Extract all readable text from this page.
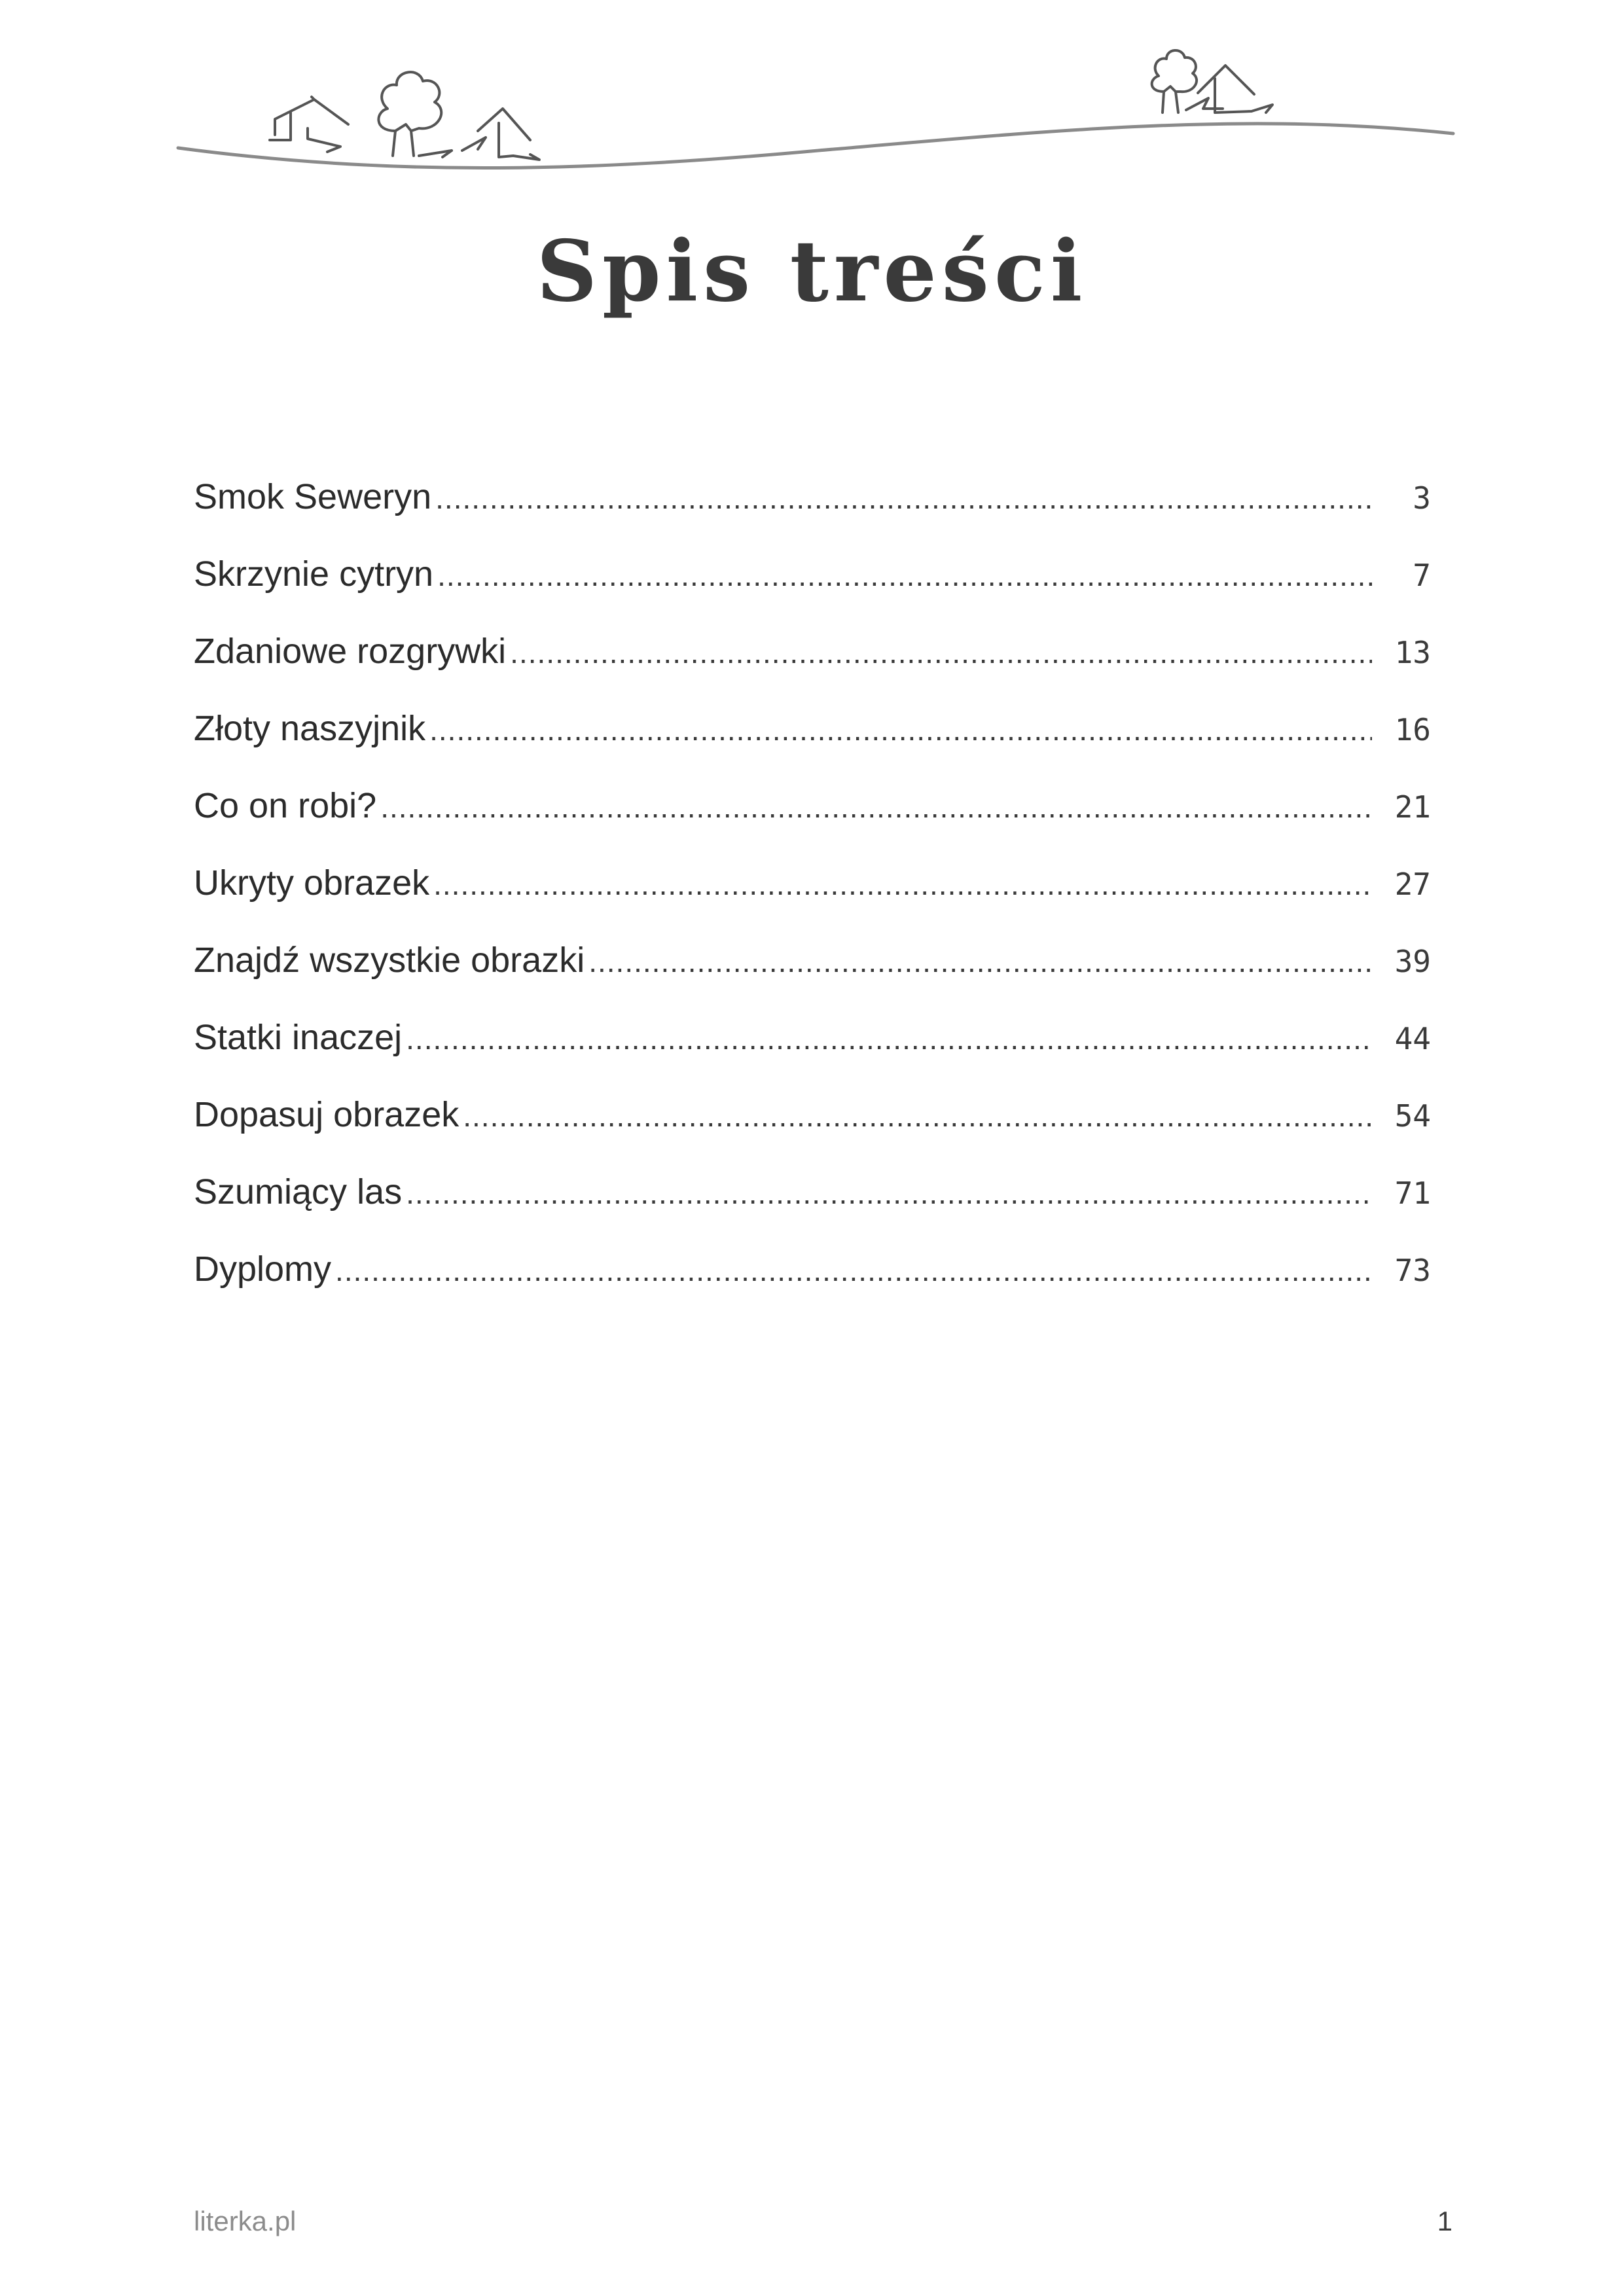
Spis treści
Smok Seweryn .....	3
Skrzynie cytryn .....	7
Zdaniowe rozgrywki .....	13
Złoty naszyjnik .....	16
Co on robi? .....	21
Ukryty obrazek .....	27
Znajdź wszystkie obrazki .....	39
Statki inaczej .....	44
Dopasuj obrazek .....	54
Szumiący las .....	71
Dyplomy .....	73
literka.pl	1
